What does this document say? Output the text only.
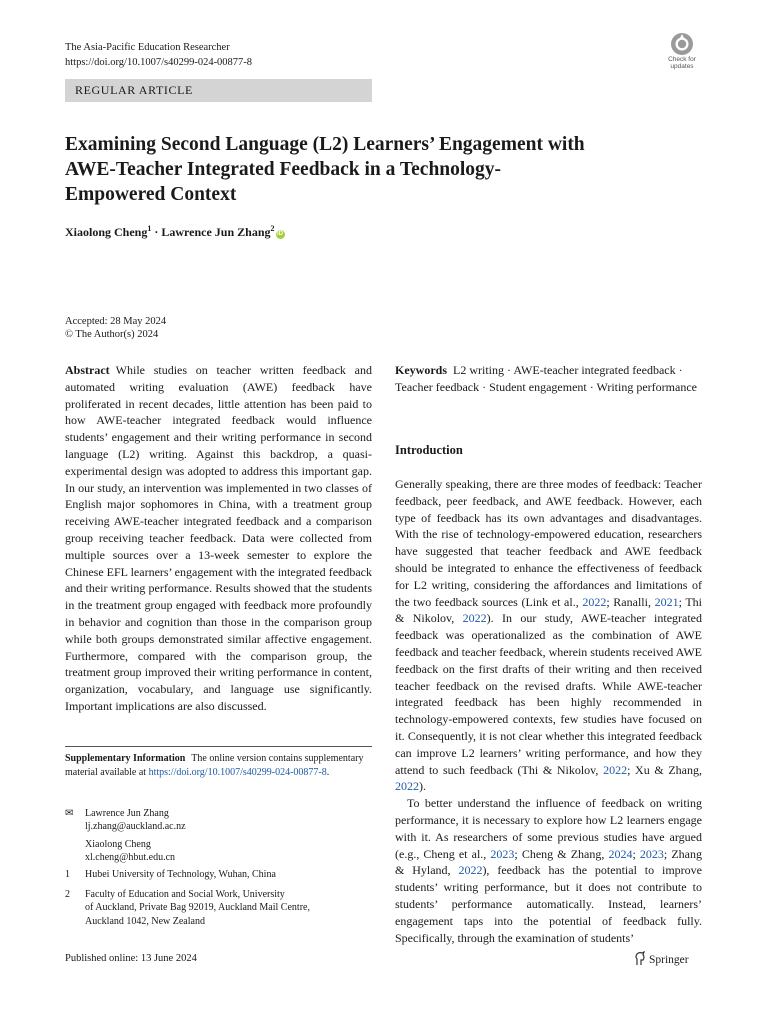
The Asia-Pacific Education Researcher
https://doi.org/10.1007/s40299-024-00877-8	Check for
updates
REGULAR ARTICLE
Examining Second Language (L2) Learners’ Engagement with AWE-Teacher Integrated Feedback in a Technology-Empowered Context
Xiaolong Cheng$^1$ · Lawrence Jun Zhang$^2$iD
Accepted: 28 May 2024
© The Author(s) 2024
Abstract While studies on teacher written feedback and automated writing evaluation (AWE) feedback have proliferated in recent decades, little attention has been paid to how AWE-teacher integrated feedback would influence students’ engagement and their writing performance in second language (L2) writing. Against this backdrop, a quasi-experimental design was adopted to address this important gap. In our study, an intervention was implemented in two classes of English major sophomores in China, with a treatment group receiving AWE-teacher integrated feedback and a comparison group receiving teacher feedback. Data were collected from multiple sources over a 13-week semester to explore the Chinese EFL learners’ engagement with the integrated feedback and their writing performance. Results showed that the students in the treatment group engaged with feedback more profoundly in behavior and cognition than those in the comparison group while both groups demonstrated similar affective engagement. Furthermore, compared with the comparison group, the treatment group improved their writing performance in content, organization, vocabulary, and language use significantly. Important implications are also discussed.
Keywords L2 writing · AWE-teacher integrated feedback · Teacher feedback · Student engagement · Writing performance
Introduction

Generally speaking, there are three modes of feedback: Teacher feedback, peer feedback, and AWE feedback. However, each type of feedback has its own advantages and disadvantages. With the rise of technology-empowered education, researchers have suggested that teacher feedback and AWE feedback should be integrated to enhance the effectiveness of feedback for L2 writing, considering the affordances and limitations of the two feedback sources (Link et al., 2022; Ranalli, 2021; Thi & Nikolov, 2022). In our study, AWE-teacher integrated feedback was operationalized as the combination of AWE feedback and teacher feedback, wherein students received AWE feedback on the first drafts of their writing and then received teacher feedback on the revised drafts. While AWE-teacher integrated feedback has been highly recommended in technology-empowered contexts, few studies have focused on it. Consequently, it is not clear whether this integrated feedback can improve L2 learners’ writing performance, and how they attend to such feedback (Thi & Nikolov, 2022; Xu & Zhang, 2022).

To better understand the influence of feedback on writing performance, it is necessary to explore how L2 learners engage with it. As researchers of some previous studies have argued (e.g., Cheng et al., 2023; Cheng & Zhang, 2024; 2023; Zhang & Hyland, 2022), feedback has the potential to improve students’ writing performance, but it does not contribute to students’ performance automatically. Instead, learners’ engagement taps into the potential of feedback fully. Specifically, through the examination of students’

Supplementary Information The online version contains supplementary material available at https://doi.org/10.1007/s40299-024-00877-8.
✉	Lawrence Jun Zhang
lj.zhang@auckland.ac.nz
Xiaolong Cheng
xl.cheng@hbut.edu.cn
1	Hubei University of Technology, Wuhan, China
2	Faculty of Education and Social Work, University
of Auckland, Private Bag 92019, Auckland Mail Centre,
Auckland 1042, New Zealand
Published online: 13 June 2024	Springer
